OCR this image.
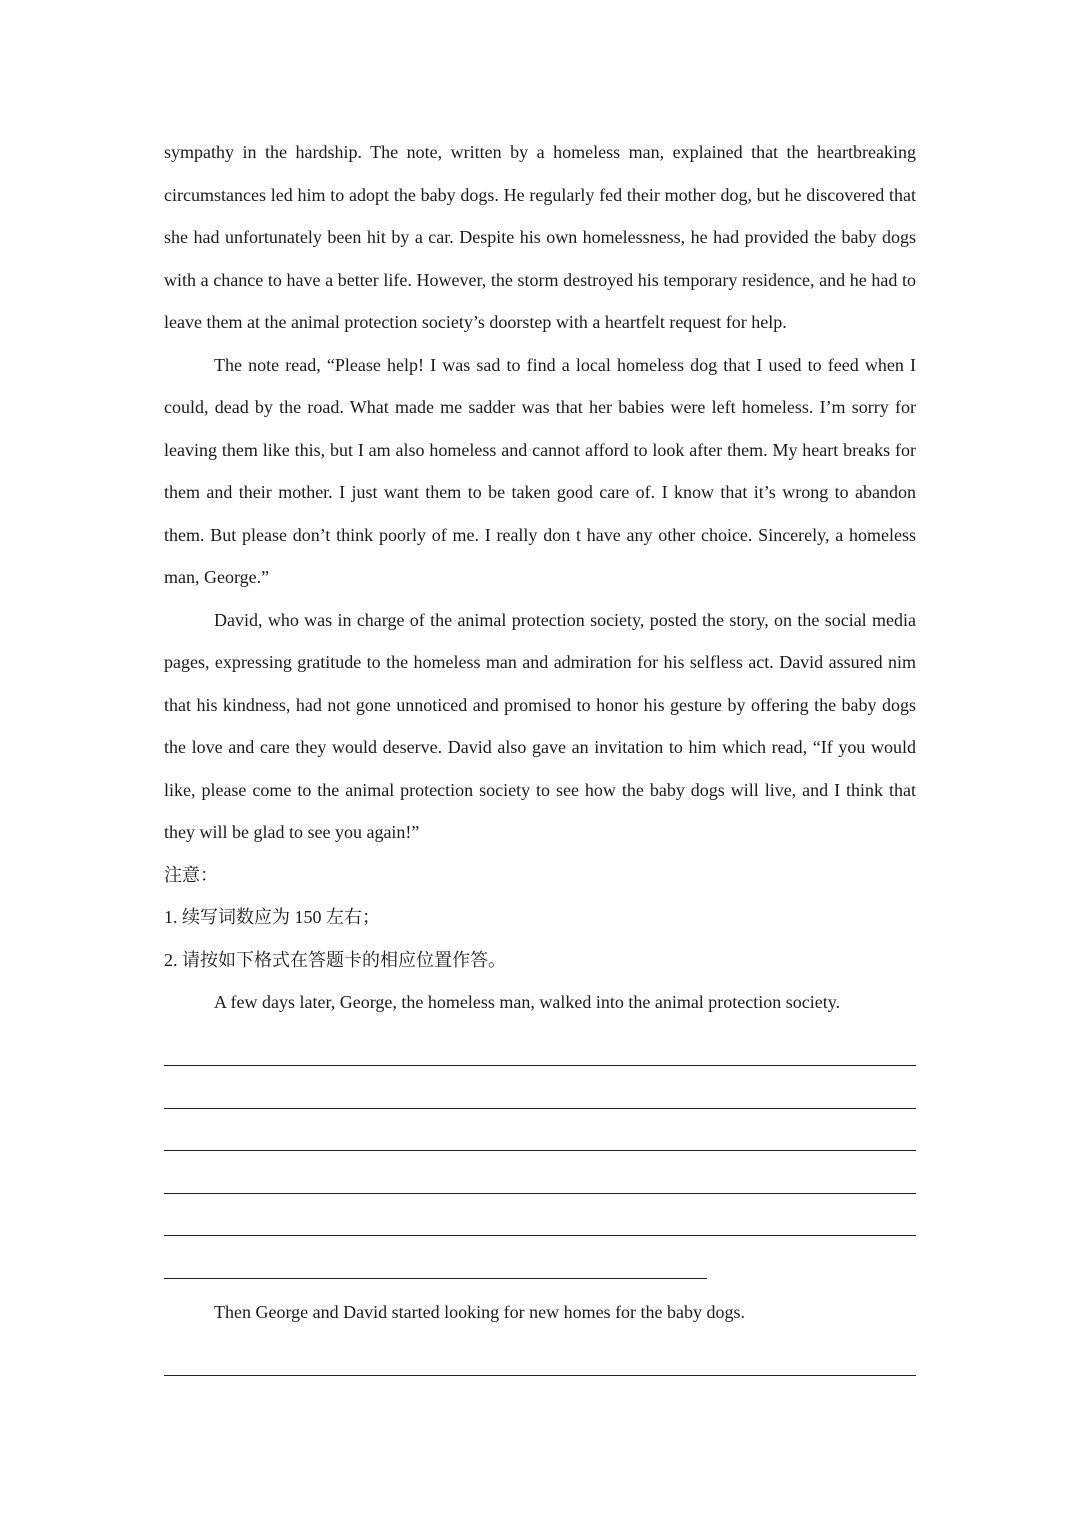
sympathy in the hardship. The note, written by a homeless man, explained that the heartbreaking circumstances led him to adopt the baby dogs. He regularly fed their mother dog, but he discovered that she had unfortunately been hit by a car. Despite his own homelessness, he had provided the baby dogs with a chance to have a better life. However, the storm destroyed his temporary residence, and he had to leave them at the animal protection society’s doorstep with a heartfelt request for help.

The note read, “Please help! I was sad to find a local homeless dog that I used to feed when I could, dead by the road. What made me sadder was that her babies were left homeless. I’m sorry for leaving them like this, but I am also homeless and cannot afford to look after them. My heart breaks for them and their mother. I just want them to be taken good care of. I know that it’s wrong to abandon them. But please don’t think poorly of me. I really don t have any other choice. Sincerely, a homeless man, George.”

David, who was in charge of the animal protection society, posted the story, on the social media pages, expressing gratitude to the homeless man and admiration for his selfless act. David assured nim that his kindness, had not gone unnoticed and promised to honor his gesture by offering the baby dogs the love and care they would deserve. David also gave an invitation to him which read, “If you would like, please come to the animal protection society to see how the baby dogs will live, and I think that they will be glad to see you again!”

注意：

1. 续写词数应为 150 左右；

2. 请按如下格式在答题卡的相应位置作答。

A few days later, George, the homeless man, walked into the animal protection society.

Then George and David started looking for new homes for the baby dogs.
